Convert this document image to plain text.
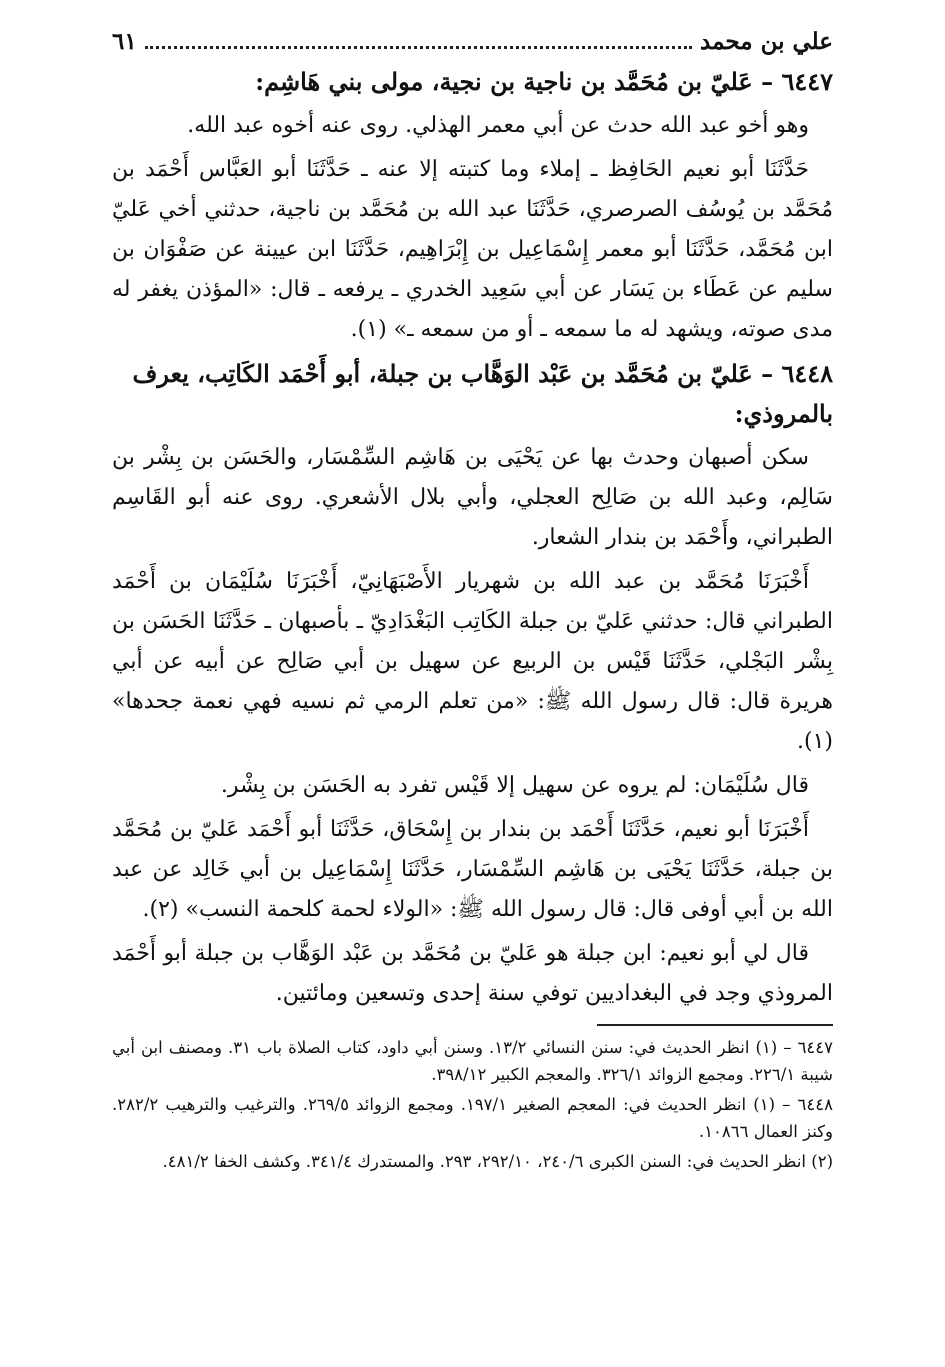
علي بن محمد
٦١
٦٤٤٧ – عَليّ بن مُحَمَّد بن ناجية بن نجية، مولى بني هَاشِم:

وهو أخو عبد الله حدث عن أبي معمر الهذلي. روى عنه أخوه عبد الله.

حَدَّثَنَا أبو نعيم الحَافِظ ـ إملاء وما كتبته إلا عنه ـ حَدَّثَنَا أبو العَبَّاس أَحْمَد بن مُحَمَّد بن يُوسُف الصرصري، حَدَّثَنَا عبد الله بن مُحَمَّد بن ناجية، حدثني أخي عَليّ ابن مُحَمَّد، حَدَّثَنَا أبو معمر إِسْمَاعِيل بن إِبْرَاهِيم، حَدَّثَنَا ابن عيينة عن صَفْوَان بن سليم عن عَطَاء بن يَسَار عن أبي سَعِيد الخدري ـ يرفعه ـ قال: «المؤذن يغفر له مدى صوته، ويشهد له ما سمعه ـ أو من سمعه ـ» (١).

٦٤٤٨ – عَليّ بن مُحَمَّد بن عَبْد الوَهَّاب بن جبلة، أبو أَحْمَد الكَاتِب، يعرف بالمروذي:

سكن أصبهان وحدث بها عن يَحْيَى بن هَاشِم السِّمْسَار، والحَسَن بن بِشْر بن سَالِم، وعبد الله بن صَالِح العجلي، وأبي بلال الأشعري. روى عنه أبو القَاسِم الطبراني، وأَحْمَد بن بندار الشعار.

أَخْبَرَنَا مُحَمَّد بن عبد الله بن شهريار الأَصْبَهَانِيّ، أَخْبَرَنَا سُلَيْمَان بن أَحْمَد الطبراني قال: حدثني عَليّ بن جبلة الكَاتِب البَغْدَادِيّ ـ بأصبهان ـ حَدَّثَنَا الحَسَن بن بِشْر البَجْلي، حَدَّثَنَا قَيْس بن الربيع عن سهيل بن أبي صَالِح عن أبيه عن أبي هريرة قال: قال رسول الله ﷺ: «من تعلم الرمي ثم نسيه فهي نعمة جحدها» (١).

قال سُلَيْمَان: لم يروه عن سهيل إلا قَيْس تفرد به الحَسَن بن بِشْر.

أَخْبَرَنَا أبو نعيم، حَدَّثَنَا أَحْمَد بن بندار بن إِسْحَاق، حَدَّثَنَا أبو أَحْمَد عَليّ بن مُحَمَّد بن جبلة، حَدَّثَنَا يَحْيَى بن هَاشِم السِّمْسَار، حَدَّثَنَا إِسْمَاعِيل بن أبي خَالِد عن عبد الله بن أبي أوفى قال: قال رسول الله ﷺ: «الولاء لحمة كلحمة النسب» (٢).

قال لي أبو نعيم: ابن جبلة هو عَليّ بن مُحَمَّد بن عَبْد الوَهَّاب بن جبلة أبو أَحْمَد المروذي وجد في البغداديين توفي سنة إحدى وتسعين ومائتين.

٦٤٤٧ – (١) انظر الحديث في: سنن النسائي ١٣/٢. وسنن أبي داود، كتاب الصلاة باب ٣١. ومصنف ابن أبي شيبة ٢٢٦/١. ومجمع الزوائد ٣٢٦/١. والمعجم الكبير ٣٩٨/١٢.

٦٤٤٨ – (١) انظر الحديث في: المعجم الصغير ١٩٧/١. ومجمع الزوائد ٢٦٩/٥. والترغيب والترهيب ٢٨٢/٢. وكنز العمال ١٠٨٦٦.

(٢) انظر الحديث في: السنن الكبرى ٢٤٠/٦، ٢٩٢/١٠، ٢٩٣. والمستدرك ٣٤١/٤. وكشف الخفا ٤٨١/٢.
